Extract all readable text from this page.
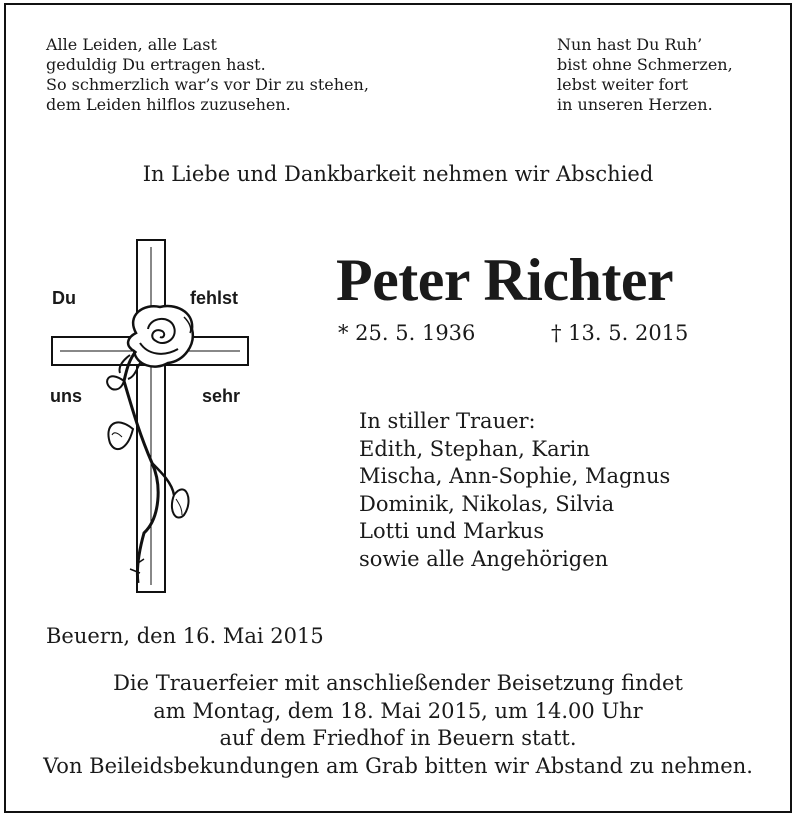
Alle Leiden, alle Last
geduldig Du ertragen hast.
So schmerzlich war’s vor Dir zu stehen,
dem Leiden hilflos zuzusehen.
Nun hast Du Ruh’
bist ohne Schmerzen,
lebst weiter fort
in unseren Herzen.
In Liebe und Dankbarkeit nehmen wir Abschied
Du	fehlst
uns	sehr
Peter Richter
* 25. 5. 1936	† 13. 5. 2015
In stiller Trauer:
Edith, Stephan, Karin
Mischa, Ann-Sophie, Magnus
Dominik, Nikolas, Silvia
Lotti und Markus
sowie alle Angehörigen
Beuern, den 16. Mai 2015
Die Trauerfeier mit anschließender Beisetzung findet
am Montag, dem 18. Mai 2015, um 14.00 Uhr
auf dem Friedhof in Beuern statt.
Von Beileidsbekundungen am Grab bitten wir Abstand zu nehmen.
